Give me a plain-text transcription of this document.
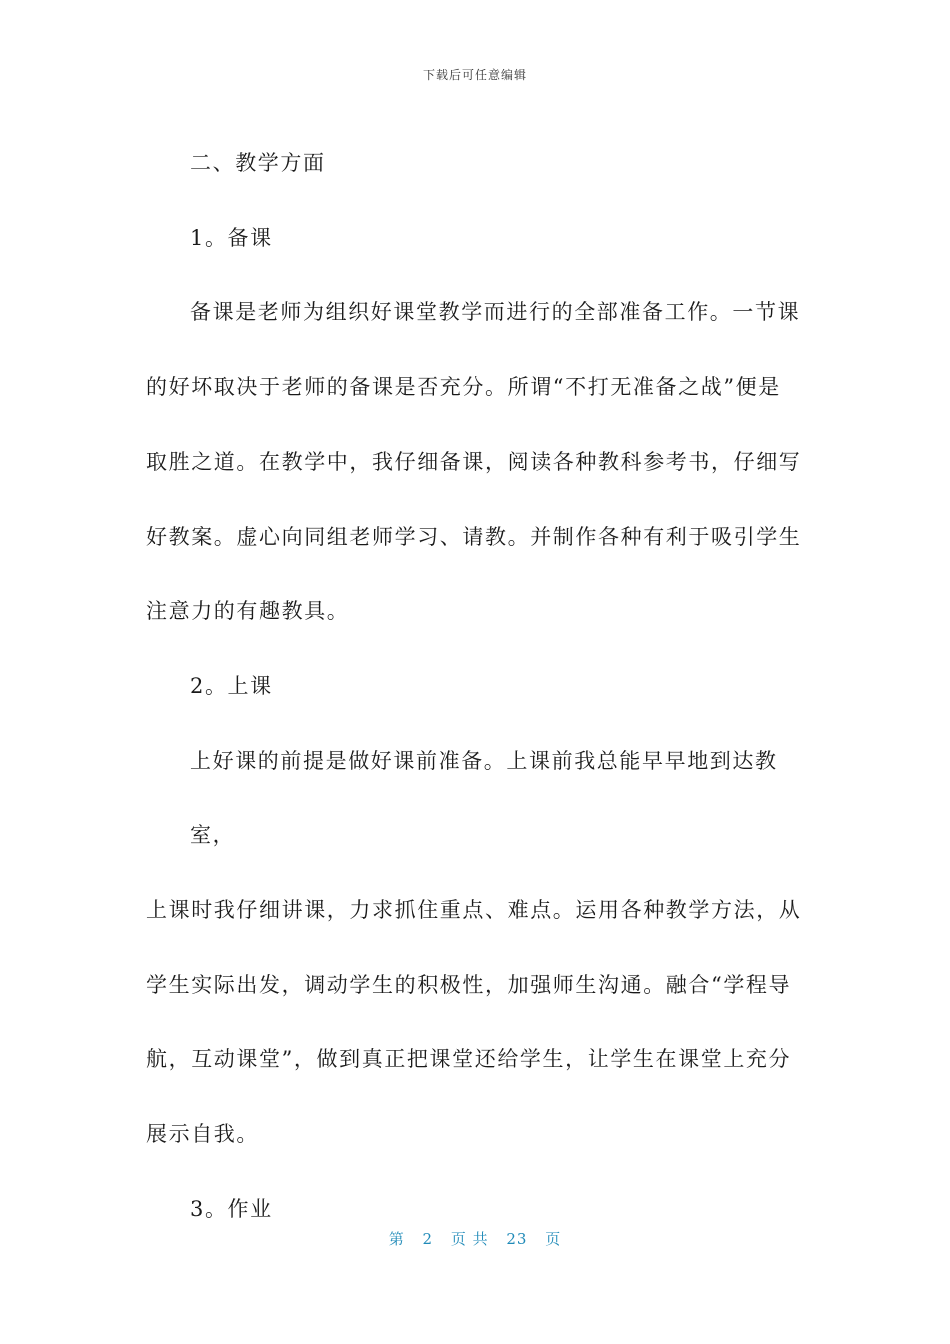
下载后可任意编辑

二、教学方面

1。备课

备课是老师为组织好课堂教学而进行的全部准备工作。一节课

的好坏取决于老师的备课是否充分。所谓“不打无准备之战”便是

取胜之道。在教学中，我仔细备课，阅读各种教科参考书，仔细写

好教案。虚心向同组老师学习、请教。并制作各种有利于吸引学生

注意力的有趣教具。

2。上课

上好课的前提是做好课前准备。上课前我总能早早地到达教室，

上课时我仔细讲课，力求抓住重点、难点。运用各种教学方法，从

学生实际出发，调动学生的积极性，加强师生沟通。融合“学程导

航，互动课堂”，做到真正把课堂还给学生，让学生在课堂上充分

展示自我。

3。作业

第 2 页 共 23 页
